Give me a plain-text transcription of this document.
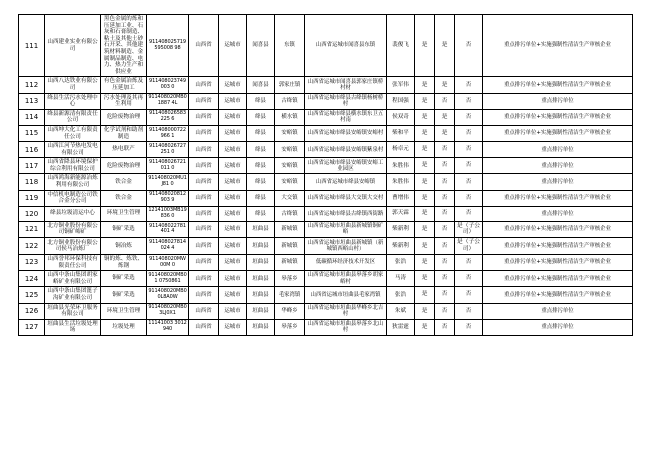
111	山西建业实业有限公司	黑色金属的炼和压延加工业、石灰和石膏制造、粘土及其他土砂石开采、其他建筑材料制造、金属制品制造、电力、热力生产和供应业	911408025719595008 98	山西省	运城市	闻喜县	东镇	山西省运城市闻喜县东镇	裴俊飞	是	是	否	重点排污单位+实施强制性清洁生产审核企业
112	山西八达铁业有限公司	有色金属冶炼及压延加工	911408023749003 0	山西省	运城市	闻喜县	郭家庄镇	山西省运城市闻喜县郭家庄镇桥村材	张军伟	是	是	否	重点排污单位+实施强制性清洁生产审核企业
113	绛县生活污水处理中心	污水处理及其再生利用	911408020MB01887 4L	山西省	运城市	绛县	古绛镇	山西省运城市绛县古绛镇杨树桥村	程国强	是	否	否	重点排污单位
114	绛县新源清有限责任公司	危险废物治理	911408026583225 6	山西省	运城市	绛县	横水镇	山西省运城市绛县横水镇东卫五村南	侯双奇	是	是	否	重点排污单位+实施强制性清洁生产审核企业
115	山西坤大化工有限责任公司	化学试剂和助剂制造	911408000722966 1	山西省	运城市	绛县	安峪镇	山西省运城市绛县安峪镇安峪村	柴和平	是	是	否	重点排污单位+实施强制性清洁生产审核企业
116	山西江河节热电发电有限公司	热电联产	911408026727251 0	山西省	运城市	绛县	安峪镇	山西省运城市绛县安峪镇紫泉村	杨卓元	是	否	否	重点排污单位
117	山西省降县环境保护综合利用有限公司	危险废物治理	911408026721011 0	山西省	运城市	绛县	安峪镇	山西省运城市绛县安峪镇安峪工业园区	朱胜伟	是	否	否	重点排污单位
118	山西鸿海新能源冶炼利用有限公司	铁合金	911408020MU1J81 0	山西省	运城市	绛县	安峪镇	山西省运城市绛县安峪镇	朱胜伟	是	否	否	重点排污单位
119	中信机电制造公司铁合金分公司	铁合金	911408020812903 9	山西省	运城市	绛县	大交镇	山西省运城市绛县大交镇大交村	曹增伟	是	否	否	重点排污单位+实施强制性清洁生产审核企业
120	绛县垃圾清运中心	环境卫生管理	12141003MB19836 0	山西省	运城市	绛县	古绛镇	山西省运城市绛县古绛镇西街路	郭天霖	是	否	否	重点排污单位
121	北方铜业股份有限公司铜矿峪矿	铜矿采选	911408022781401 4	山西省	运城市	垣曲县	新城镇	山西省运城市垣曲县新城镇铜矿峪	柴新利	是	否	是（子公司）	重点排污单位+实施强制性清洁生产审核企业
122	北方铜业股份有限公司侯马冶炼厂	铜冶炼	911408027814024 4	山西省	运城市	垣曲县	新城镇	山西省运城市垣曲县新城镇（新城镇西峪山村）	柴新利	是	否	是（子公司）	重点排污单位+实施强制性清洁生产审核企业
123	山西誉邦环保科技有限责任公司	铜的炼、炼铁、炼钢	911408020MW00M 0	山西省	运城市	垣曲县	新城镇	低碳循环经济技术开发区	张浩	是	否	否	重点排污单位+实施强制性清洁生产审核企业
124	山西中条山集团胡家峪矿业有限公司	铜矿采选	911408020MB01 0750861	山西省	运城市	垣曲县	皋落乡	山西省运城市垣曲县皋落乡胡家峪村	马涛	是	否	否	重点排污单位+实施强制性清洁生产审核企业
125	山西中条山集团篦子沟矿业有限公司	铜矿采选	911408020MB0 0L8A0W	山西省	运城市	垣曲县	毛家湾镇	山西省运城市垣曲县毛家湾镇	张浩	是	否	否	重点排污单位+实施强制性清洁生产审核企业
126	垣曲县光荣环卫服务有限公司	环境卫生管理	911408020MB0 3LJ0X1	山西省	运城市	垣曲县	华峰乡	山西省运城市垣曲县华峰乡北吉村	朱斌	是	否	否	重点排污单位
127	垣曲县生活垃圾处理场	垃圾处理	11141003 3012940	山西省	运城市	垣曲县	皋落乡	山西省运城市垣曲县皋落乡北山村	狄雷霆	是	否	否	重点排污单位
